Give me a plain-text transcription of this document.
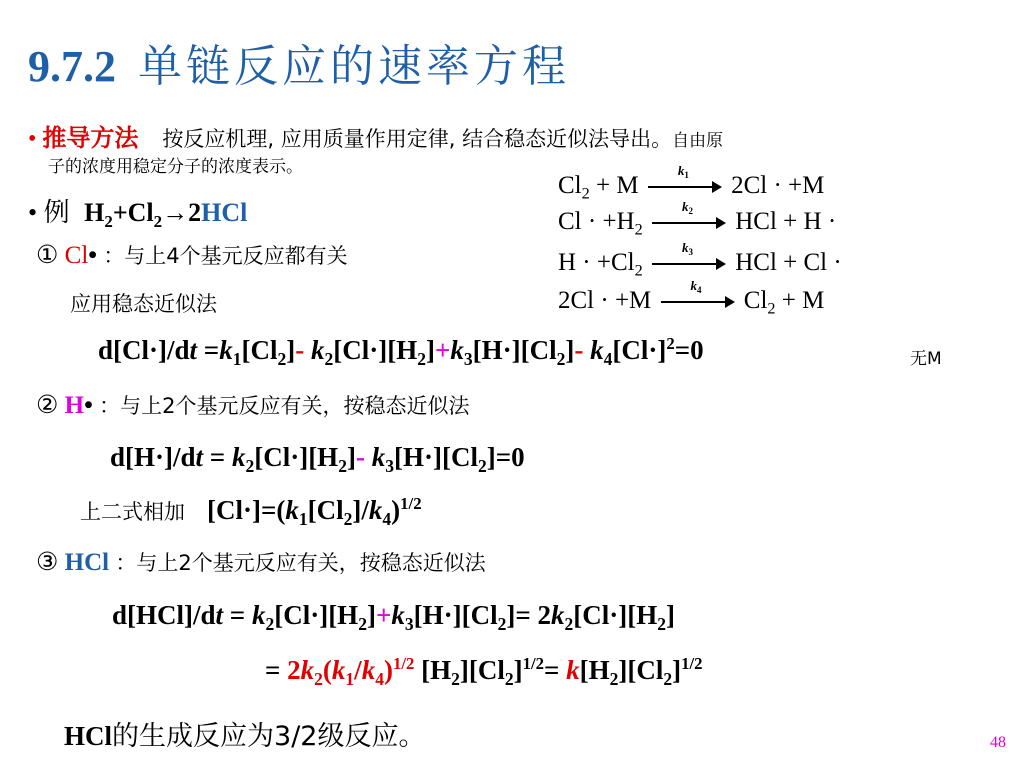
9.7.2 单链反应的速率方程
• 推导方法 按反应机理, 应用质量作用定律, 结合稳态近似法导出。自由原
子的浓度用稳定分子的浓度表示。
• 例 $H_2+Cl_2\to 2HCl$
$Cl_2 + M$
$k_1$ 2Cl · +M
$Cl \cdot +H_2$
$k_2$ HCl + H ·
$H \cdot +Cl_2$
$k_3$ HCl + Cl ·
2Cl · +M
$k_4$ $Cl_2 + M$
① Cl• ：与上4个基元反应都有关
应用稳态近似法
$d[Cl\cdot]/dt =k_1[Cl_2]-$ $k_2[Cl\cdot][H_2]+k_3[H\cdot][Cl_2]-$ $k_4[Cl\cdot]^2=0$	无M
② H• ：与上2个基元反应有关，按稳态近似法
$d[H\cdot]/dt = k_2[Cl\cdot][H_2]-$ $k_3[H\cdot][Cl_2]=0$
上二式相加 $[Cl\cdot]=(k_1[Cl_2]/k_4)^{1/2}$
③ HCl ：与上2个基元反应有关，按稳态近似法
$d[HCl]/dt = k_2[Cl\cdot][H_2]+k_3[H\cdot][Cl_2]= 2k_2[Cl\cdot][H_2]$
= $2k_2(k_1/k_4)^{1/2}$ $[H_2][Cl_2]^{1/2}= k[H_2][Cl_2]^{1/2}$
HCl的生成反应为3/2级反应。	48
